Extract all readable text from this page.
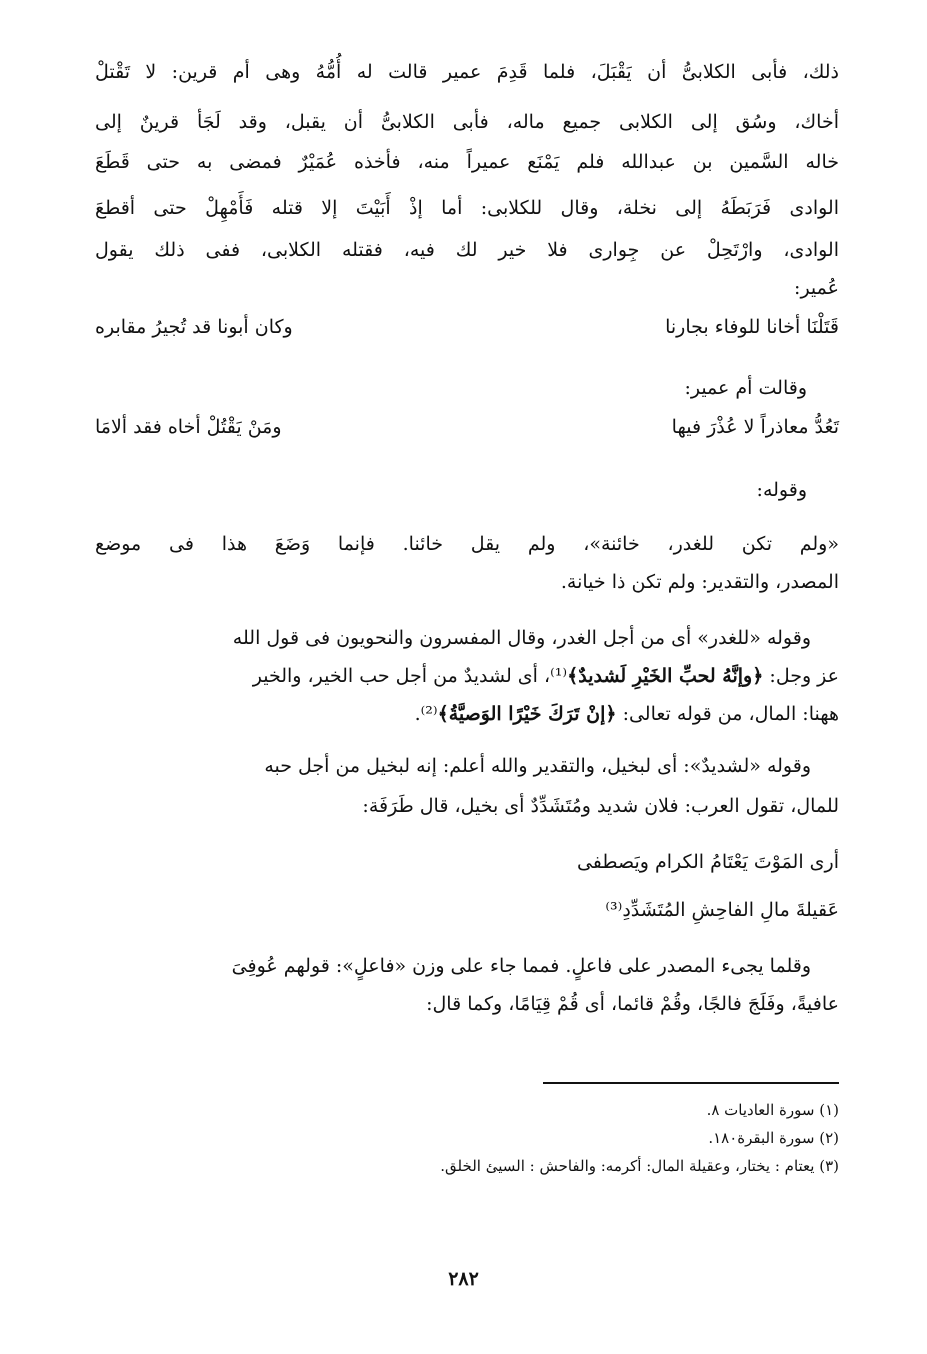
ذلك، فأبى الكلابىُّ أن يَقْبَلَ، فلما قَدِمَ عمير قالت له أُمُّهُ وهى أم قرين: لا تَقْتلْ
أخاك، وسُق إلى الكلابى جميع ماله، فأبى الكلابىُّ أن يقبل، وقد لَجَأ قرينٌ إلى
خاله السَّمين بن عبدالله فلم يَمْنَع عميراً منه، فأخذه عُمَيْرٌ فمضى به حتى قَطَعَ
الوادى فَرَبَطَهُ إلى نخلة، وقال للكلابى: أما إذْ أَبَيْتَ إلا قتله فَأَمْهِلْ حتى أقطعَ
الوادى، وارْتَحِلْ عن جِوارى فلا خير لك فيه، فقتله الكلابى، ففى ذلك يقول
عُمير:
قَتَلْنَا أخانا للوفاء بجارنا
وكان أبونا قد تُجيرُ مقابره
وقالت أم عمير:
تَعُدُّ معاذراً لا عُذْرَ فيها
ومَنْ يَقْتُلْ أخاه فقد ألامَا
وقوله:
«ولم تكن للغدر، خائنة»، ولم يقل خائنا. فإنما وَضَعَ هذا فى موضع
المصدر، والتقدير: ولم تكن ذا خيانة.
وقوله «للغدر» أى من أجل الغدر، وقال المفسرون والنحويون فى قول الله
عز وجل: ﴿وإنَّهُ لحبِّ الخَيْرِ لَشديدٌ﴾⁽¹⁾، أى لشديدٌ من أجل حب الخير، والخير
ههنا: المال، من قوله تعالى: ﴿إنْ تَرَكَ خَيْرًا الوَصيَّةُ﴾⁽²⁾.
وقوله «لشديدٌ»: أى لبخيل، والتقدير والله أعلم: إنه لبخيل من أجل حبه
للمال، تقول العرب: فلان شديد ومُتَشَدِّدٌ أى بخيل، قال طَرَفَة:
أرى المَوْتَ يَعْتَامُ الكرام ويَصطفى
عَقيلةَ مالِ الفاحِشِ المُتَشَدِّدِ⁽³⁾
وقلما يجىء المصدر على فاعلٍ. فمما جاء على وزن «فاعلٍ»: قولهم عُوفِىَ
عافيةً، وفَلَجَ فالجًا، وقُمْ قائما، أى قُمْ قِيَامًا، وكما قال:
(١) سورة العاديات ٨.
(٢) سورة البقرة١٨٠.
(٣) يعتام : يختار، وعقيلة المال: أكرمه: والفاحش : السيئ الخلق.
٢٨٢
